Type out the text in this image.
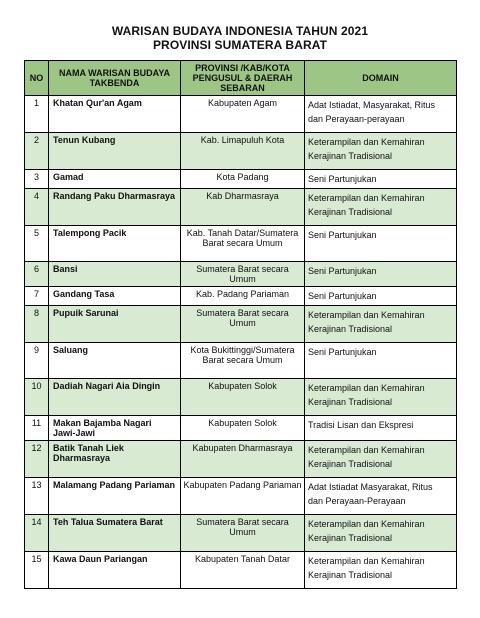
WARISAN BUDAYA INDONESIA TAHUN 2021
PROVINSI SUMATERA BARAT
NO	NAMA WARISAN BUDAYA TAKBENDA	PROVINSI /KAB/KOTA PENGUSUL & DAERAH SEBARAN	DOMAIN
1	Khatan Qur'an Agam	Kabupaten Agam	Adat Istiadat, Masyarakat, Ritus
dan Perayaan-perayaan

2	Tenun Kubang	Kab. Limapuluh Kota	Keterampilan dan Kemahiran
Kerajinan Tradisional

3	Gamad	Kota Padang	Seni Partunjukan

4	Randang Paku Dharmasraya	Kab Dharmasraya	Keterampilan dan Kemahiran
Kerajinan Tradisional

5	Talempong Pacik	Kab. Tanah Datar/Sumatera Barat secara Umum	Seni Partunjukan

6	Bansi	Sumatera Barat secara Umum	Seni Partunjukan

7	Gandang Tasa	Kab. Padang Pariaman	Seni Partunjukan

8	Pupuik Sarunai	Sumatera Barat secara Umum	Keterampilan dan Kemahiran
Kerajinan Tradisional

9	Saluang	Kota Bukittinggi/Sumatera Barat secara Umum	Seni Partunjukan

10	Dadiah Nagari Aia Dingin	Kabupaten Solok	Keterampilan dan Kemahiran
Kerajinan Tradisional

11	Makan Bajamba Nagari Jawi-Jawi	Kabupaten Solok	Tradisi Lisan dan Ekspresi

12	Batik Tanah Liek Dharmasraya	Kabupaten Dharmasraya	Keterampilan dan Kemahiran
Kerajinan Tradisional

13	Malamang Padang Pariaman	Kabupaten Padang Pariaman	Adat Istiadat Masyarakat, Ritus
dan Perayaan-Perayaan

14	Teh Talua Sumatera Barat	Sumatera Barat secara Umum	Keterampilan dan Kemahiran
Kerajinan Tradisional

15	Kawa Daun Pariangan	Kabupaten Tanah Datar	Keterampilan dan Kemahiran
Kerajinan Tradisional
